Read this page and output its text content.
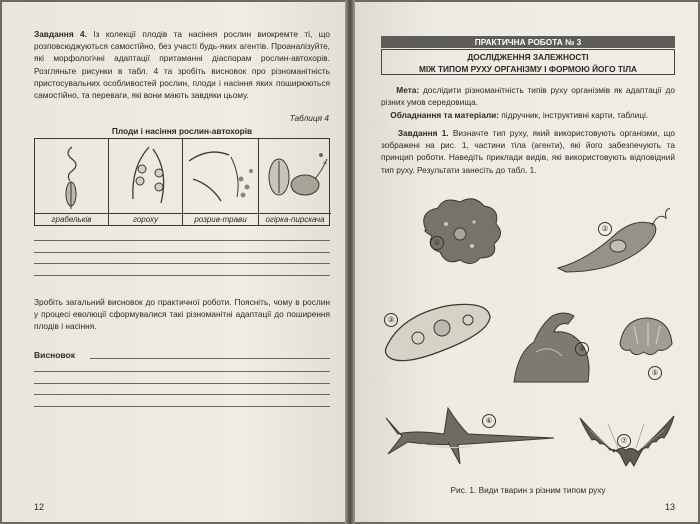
Завдання 4. Із колекції плодів та насіння рослин виокремте ті, що розповсюджуються самостійно, без участі будь-яких агентів. Проаналізуйте, які морфологічні адаптації притаманні діаспорам рослин-автохорів. Розгляньте рисунки в табл. 4 та зробіть висновок про різноманітність пристосувальних особливостей рослин, плоди і насіння яких поширюються самостійно, та переваги, які вони мають завдяки цьому.
Таблиця 4
Плоди і насіння рослин-автохорів
грабельків	гороху	розрив-трави	огірка-пирскача
Зробіть загальний висновок до практичної роботи. Поясніть, чому в рослин у процесі еволюції сформувалися такі різноманітні адаптації до поширення плодів і насіння.
Висновок
12
ПРАКТИЧНА РОБОТА № 3
ДОСЛІДЖЕННЯ ЗАЛЕЖНОСТІ
МІЖ ТИПОМ РУХУ ОРГАНІЗМУ І ФОРМОЮ ЙОГО ТІЛА
Мета: дослідити різноманітність типів руху організмів як адаптації до різних умов середовища.
Обладнання та матеріали: підручник, інструктивні карти, таблиці.
Завдання 1. Визначте тип руху, який використовують організми, що зображені на рис. 1, частини тіла (агенти), які його забезпечують та принцип роботи. Наведіть приклади видів, які використовують відповідний тип руху. Результати занесіть до табл. 1.
①
②
③
④
⑤
⑥
⑦
Рис. 1. Види тварин з різним типом руху
13
